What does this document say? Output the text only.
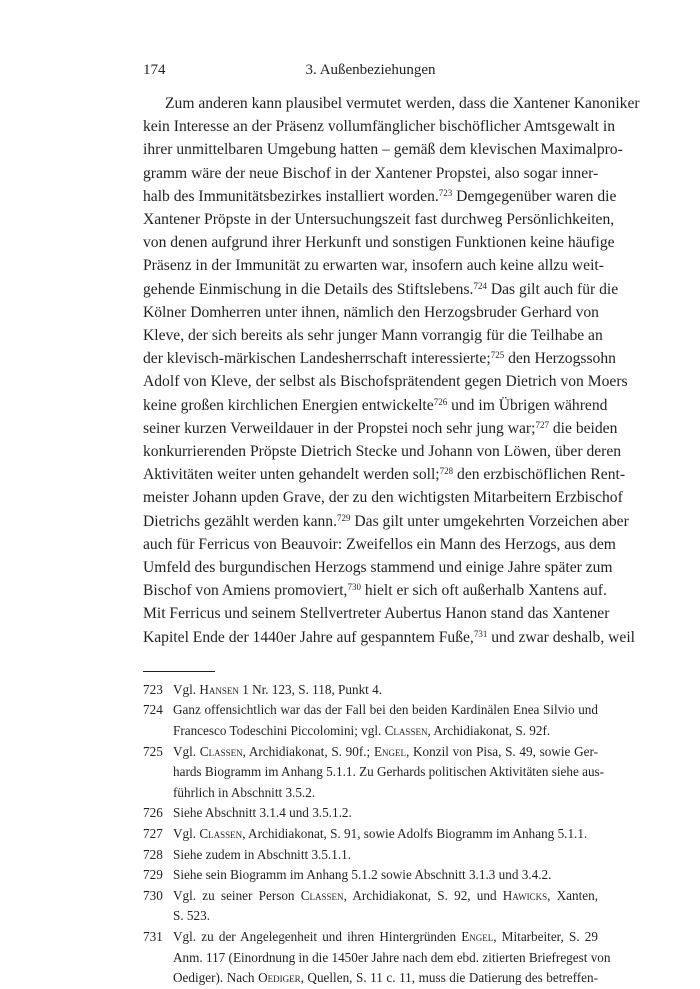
174	3. Außenbeziehungen
Zum anderen kann plausibel vermutet werden, dass die Xantener Kanoniker
kein Interesse an der Präsenz vollumfänglicher bischöflicher Amtsgewalt in
ihrer unmittelbaren Umgebung hatten – gemäß dem klevischen Maximalpro-
gramm wäre der neue Bischof in der Xantener Propstei, also sogar inner-
halb des Immunitätsbezirkes installiert worden.$^{723}$ Demgegenüber waren die
Xantener Pröpste in der Untersuchungszeit fast durchweg Persönlichkeiten,
von denen aufgrund ihrer Herkunft und sonstigen Funktionen keine häufige
Präsenz in der Immunität zu erwarten war, insofern auch keine allzu weit-
gehende Einmischung in die Details des Stiftslebens.$^{724}$ Das gilt auch für die
Kölner Domherren unter ihnen, nämlich den Herzogsbruder Gerhard von
Kleve, der sich bereits als sehr junger Mann vorrangig für die Teilhabe an
der klevisch-märkischen Landesherrschaft interessierte;$^{725}$ den Herzogssohn
Adolf von Kleve, der selbst als Bischofsprätendent gegen Dietrich von Moers
keine großen kirchlichen Energien entwickelte$^{726}$ und im Übrigen während
seiner kurzen Verweildauer in der Propstei noch sehr jung war;$^{727}$ die beiden
konkurrierenden Pröpste Dietrich Stecke und Johann von Löwen, über deren
Aktivitäten weiter unten gehandelt werden soll;$^{728}$ den erzbischöflichen Rent-
meister Johann upden Grave, der zu den wichtigsten Mitarbeitern Erzbischof
Dietrichs gezählt werden kann.$^{729}$ Das gilt unter umgekehrten Vorzeichen aber
auch für Ferricus von Beauvoir: Zweifellos ein Mann des Herzogs, aus dem
Umfeld des burgundischen Herzogs stammend und einige Jahre später zum
Bischof von Amiens promoviert,$^{730}$ hielt er sich oft außerhalb Xantens auf.
Mit Ferricus und seinem Stellvertreter Aubertus Hanon stand das Xantener
Kapitel Ende der 1440er Jahre auf gespanntem Fuße,$^{731}$ und zwar deshalb, weil
723 Vgl. Hansen 1 Nr. 123, S. 118, Punkt 4.
724 Ganz offensichtlich war das der Fall bei den beiden Kardinälen Enea Silvio und
Francesco Todeschini Piccolomini; vgl. Classen, Archidiakonat, S. 92f.
725 Vgl. Classen, Archidiakonat, S. 90f.; Engel, Konzil von Pisa, S. 49, sowie Ger-
hards Biogramm im Anhang 5.1.1. Zu Gerhards politischen Aktivitäten siehe aus-
führlich in Abschnitt 3.5.2.
726 Siehe Abschnitt 3.1.4 und 3.5.1.2.
727 Vgl. Classen, Archidiakonat, S. 91, sowie Adolfs Biogramm im Anhang 5.1.1.
728 Siehe zudem in Abschnitt 3.5.1.1.
729 Siehe sein Biogramm im Anhang 5.1.2 sowie Abschnitt 3.1.3 und 3.4.2.
730 Vgl. zu seiner Person Classen, Archidiakonat, S. 92, und Hawicks, Xanten,
S. 523.
731 Vgl. zu der Angelegenheit und ihren Hintergründen Engel, Mitarbeiter, S. 29
Anm. 117 (Einordnung in die 1450er Jahre nach dem ebd. zitierten Briefregest von
Oediger). Nach Oediger, Quellen, S. 11 c. 11, muss die Datierung des betreffen-
